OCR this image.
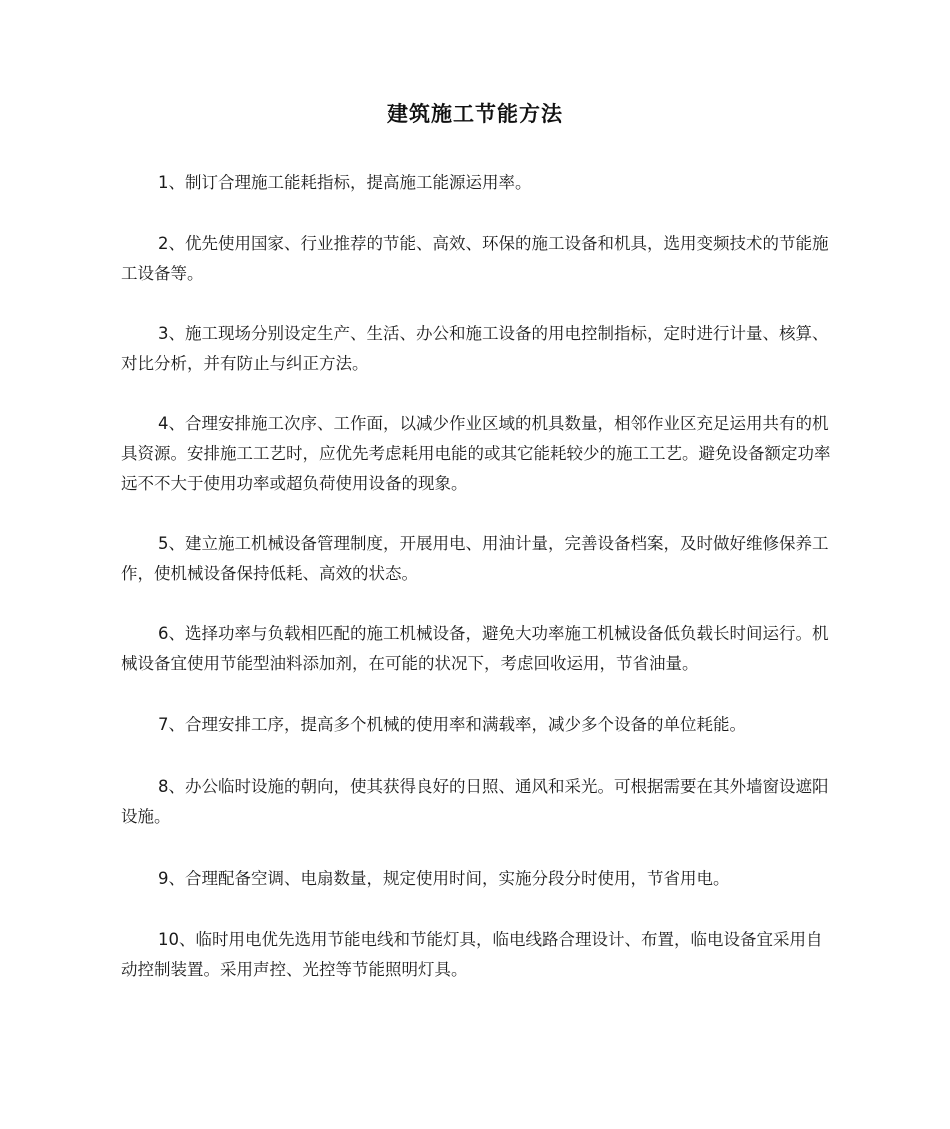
建筑施工节能方法

1、制订合理施工能耗指标，提高施工能源运用率。

2、优先使用国家、行业推荐的节能、高效、环保的施工设备和机具，选用变频技术的节能施工设备等。

3、施工现场分别设定生产、生活、办公和施工设备的用电控制指标，定时进行计量、核算、对比分析，并有防止与纠正方法。

4、合理安排施工次序、工作面，以减少作业区域的机具数量，相邻作业区充足运用共有的机具资源。安排施工工艺时，应优先考虑耗用电能的或其它能耗较少的施工工艺。避免设备额定功率远不不大于使用功率或超负荷使用设备的现象。

5、建立施工机械设备管理制度，开展用电、用油计量，完善设备档案，及时做好维修保养工作，使机械设备保持低耗、高效的状态。

6、选择功率与负载相匹配的施工机械设备，避免大功率施工机械设备低负载长时间运行。机械设备宜使用节能型油料添加剂，在可能的状况下，考虑回收运用，节省油量。

7、合理安排工序，提高多个机械的使用率和满载率，减少多个设备的单位耗能。

8、办公临时设施的朝向，使其获得良好的日照、通风和采光。可根据需要在其外墙窗设遮阳设施。

9、合理配备空调、电扇数量，规定使用时间，实施分段分时使用，节省用电。

10、临时用电优先选用节能电线和节能灯具，临电线路合理设计、布置，临电设备宜采用自动控制装置。采用声控、光控等节能照明灯具。
